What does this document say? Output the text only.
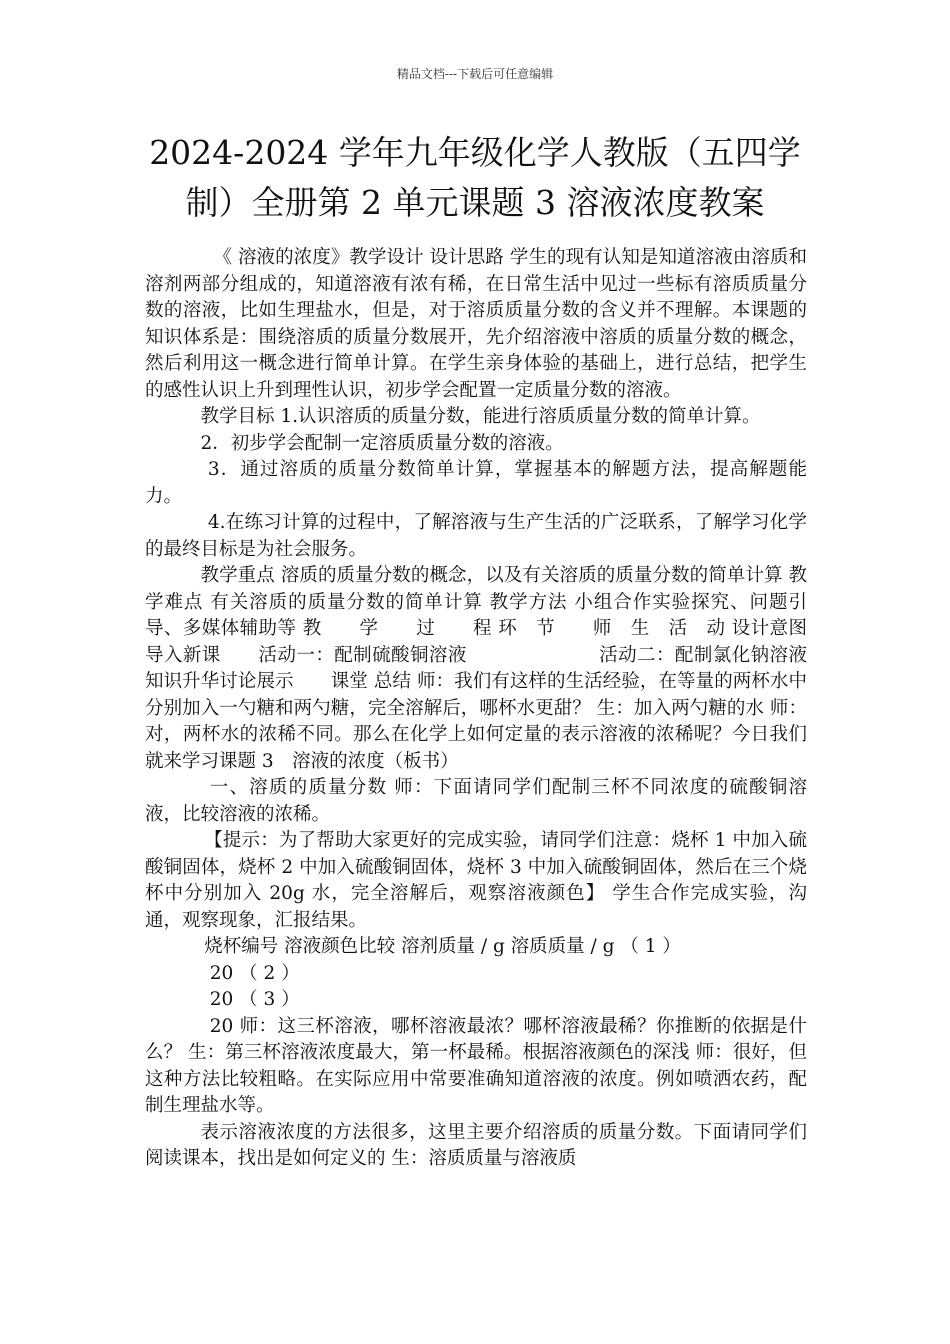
精品文档---下载后可任意编辑
2024-2024 学年九年级化学人教版（五四学制）全册第 2 单元课题 3 溶液浓度教案

《 溶液的浓度》教学设计 设计思路 学生的现有认知是知道溶液由溶质和溶剂两部分组成的，知道溶液有浓有稀，在日常生活中见过一些标有溶质质量分数的溶液，比如生理盐水，但是，对于溶质质量分数的含义并不理解。本课题的知识体系是：围绕溶质的质量分数展开，先介绍溶液中溶质的质量分数的概念，然后利用这一概念进行简单计算。在学生亲身体验的基础上，进行总结，把学生的感性认识上升到理性认识，初步学会配置一定质量分数的溶液。

教学目标 1.认识溶质的质量分数，能进行溶质质量分数的简单计算。

2．初步学会配制一定溶质质量分数的溶液。

3．通过溶质的质量分数简单计算，掌握基本的解题方法，提高解题能力。

4.在练习计算的过程中，了解溶液与生产生活的广泛联系，了解学习化学的最终目标是为社会服务。

教学重点 溶质的质量分数的概念，以及有关溶质的质量分数的简单计算 教学难点 有关溶质的质量分数的简单计算 教学方法 小组合作实验探究、问题引导、多媒体辅助等 教　　学　　过　　程 环　节　　师　生　活　动 设计意图　　导入新课　　活动一：配制硫酸铜溶液　　　　　　　活动二：配制氯化钠溶液　　　知识升华讨论展示　　课堂 总结 师：我们有这样的生活经验，在等量的两杯水中分别加入一勺糖和两勺糖，完全溶解后，哪杯水更甜？ 生：加入两勺糖的水 师：对，两杯水的浓稀不同。那么在化学上如何定量的表示溶液的浓稀呢？今日我们就来学习课题 3　溶液的浓度（板书）

一、溶质的质量分数 师：下面请同学们配制三杯不同浓度的硫酸铜溶液，比较溶液的浓稀。

【提示：为了帮助大家更好的完成实验，请同学们注意：烧杯 1 中加入硫酸铜固体，烧杯 2 中加入硫酸铜固体，烧杯 3 中加入硫酸铜固体，然后在三个烧杯中分别加入 20g 水，完全溶解后，观察溶液颜色】 学生合作完成实验，沟通，观察现象，汇报结果。

烧杯编号 溶液颜色比较 溶剂质量 / g 溶质质量 / g （ 1 ）

20 （ 2 ）

20 （ 3 ）

20 师：这三杯溶液，哪杯溶液最浓？哪杯溶液最稀？你推断的依据是什么？ 生：第三杯溶液浓度最大，第一杯最稀。根据溶液颜色的深浅 师：很好，但这种方法比较粗略。在实际应用中常要准确知道溶液的浓度。例如喷洒农药，配制生理盐水等。

表示溶液浓度的方法很多，这里主要介绍溶质的质量分数。下面请同学们阅读课本，找出是如何定义的 生：溶质质量与溶液质
